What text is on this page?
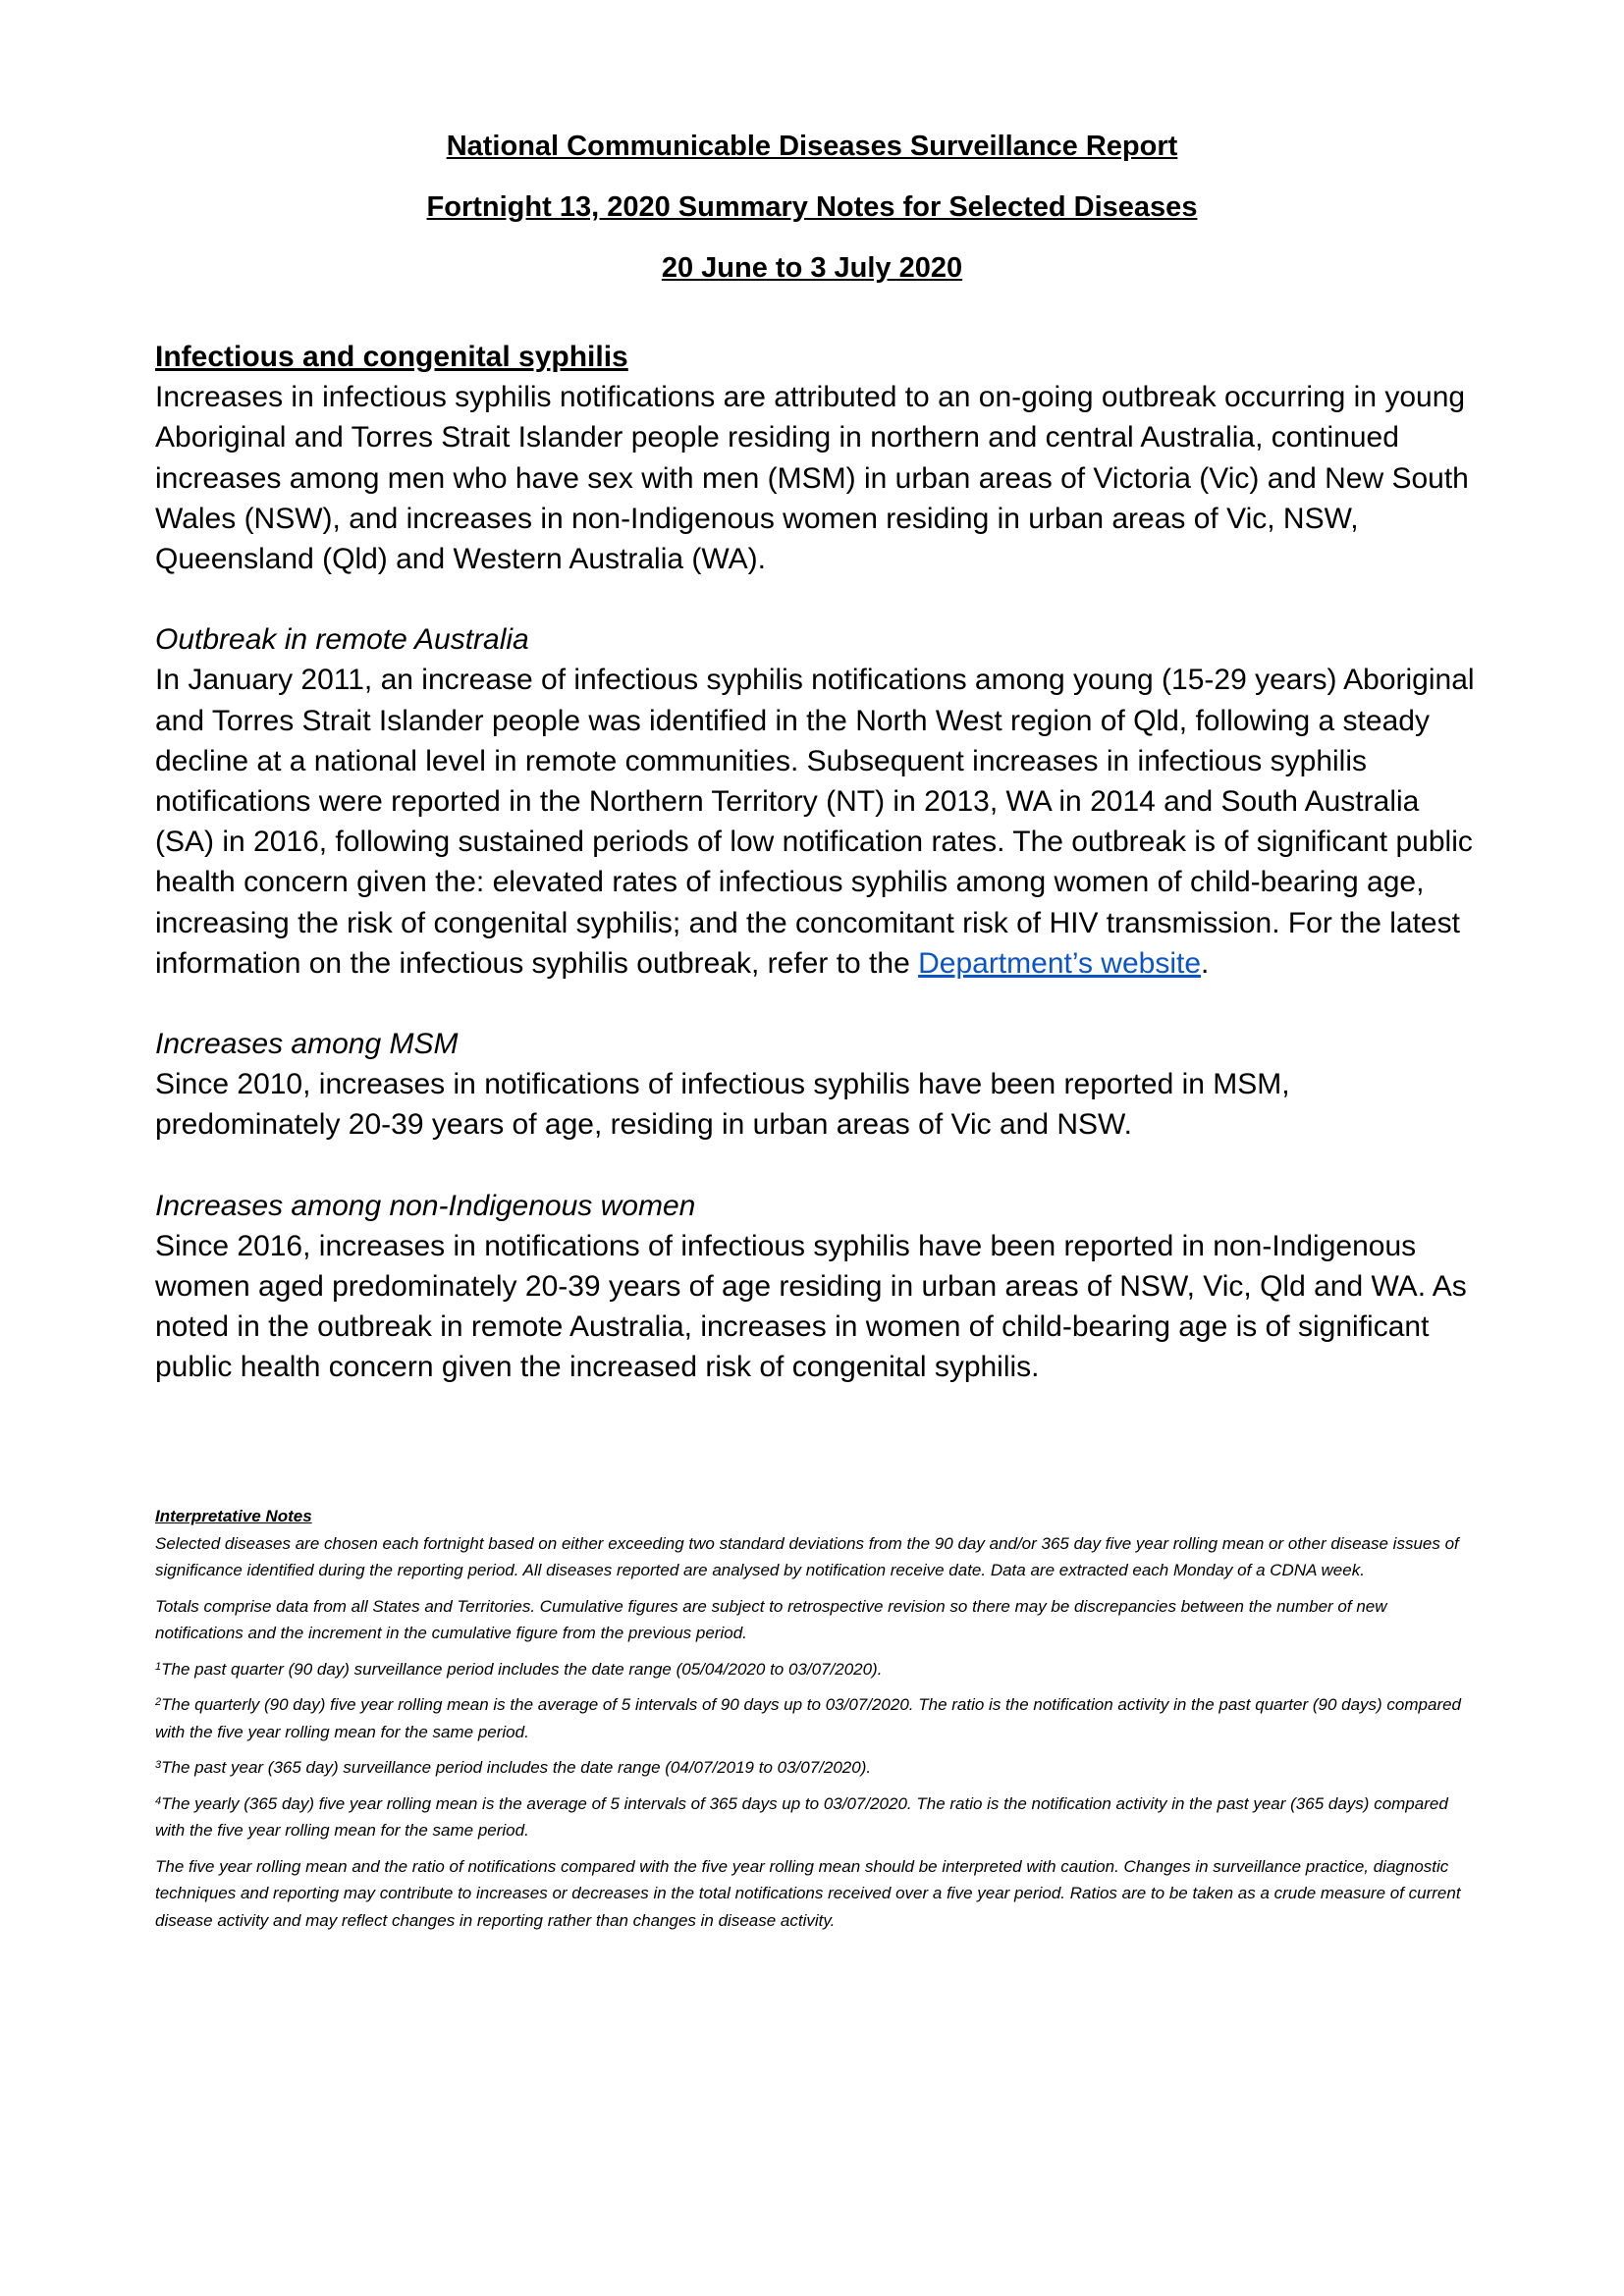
National Communicable Diseases Surveillance Report
Fortnight 13, 2020 Summary Notes for Selected Diseases
20 June to 3 July 2020

Infectious and congenital syphilis

Increases in infectious syphilis notifications are attributed to an on-going outbreak occurring in young Aboriginal and Torres Strait Islander people residing in northern and central Australia, continued increases among men who have sex with men (MSM) in urban areas of Victoria (Vic) and New South Wales (NSW), and increases in non-Indigenous women residing in urban areas of Vic, NSW, Queensland (Qld) and Western Australia (WA).

Outbreak in remote Australia

In January 2011, an increase of infectious syphilis notifications among young (15-29 years) Aboriginal and Torres Strait Islander people was identified in the North West region of Qld, following a steady decline at a national level in remote communities. Subsequent increases in infectious syphilis notifications were reported in the Northern Territory (NT) in 2013, WA in 2014 and South Australia (SA) in 2016, following sustained periods of low notification rates. The outbreak is of significant public health concern given the: elevated rates of infectious syphilis among women of child-bearing age, increasing the risk of congenital syphilis; and the concomitant risk of HIV transmission. For the latest information on the infectious syphilis outbreak, refer to the Department’s website.

Increases among MSM

Since 2010, increases in notifications of infectious syphilis have been reported in MSM, predominately 20-39 years of age, residing in urban areas of Vic and NSW.

Increases among non-Indigenous women

Since 2016, increases in notifications of infectious syphilis have been reported in non-Indigenous women aged predominately 20-39 years of age residing in urban areas of NSW, Vic, Qld and WA. As noted in the outbreak in remote Australia, increases in women of child-bearing age is of significant public health concern given the increased risk of congenital syphilis.

Interpretative Notes

Selected diseases are chosen each fortnight based on either exceeding two standard deviations from the 90 day and/or 365 day five year rolling mean or other disease issues of significance identified during the reporting period. All diseases reported are analysed by notification receive date. Data are extracted each Monday of a CDNA week.

Totals comprise data from all States and Territories. Cumulative figures are subject to retrospective revision so there may be discrepancies between the number of new notifications and the increment in the cumulative figure from the previous period.

$^1$The past quarter (90 day) surveillance period includes the date range (05/04/2020 to 03/07/2020).

$^2$The quarterly (90 day) five year rolling mean is the average of 5 intervals of 90 days up to 03/07/2020. The ratio is the notification activity in the past quarter (90 days) compared with the five year rolling mean for the same period.

$^3$The past year (365 day) surveillance period includes the date range (04/07/2019 to 03/07/2020).

$^4$The yearly (365 day) five year rolling mean is the average of 5 intervals of 365 days up to 03/07/2020. The ratio is the notification activity in the past year (365 days) compared with the five year rolling mean for the same period.

The five year rolling mean and the ratio of notifications compared with the five year rolling mean should be interpreted with caution. Changes in surveillance practice, diagnostic techniques and reporting may contribute to increases or decreases in the total notifications received over a five year period. Ratios are to be taken as a crude measure of current disease activity and may reflect changes in reporting rather than changes in disease activity.
